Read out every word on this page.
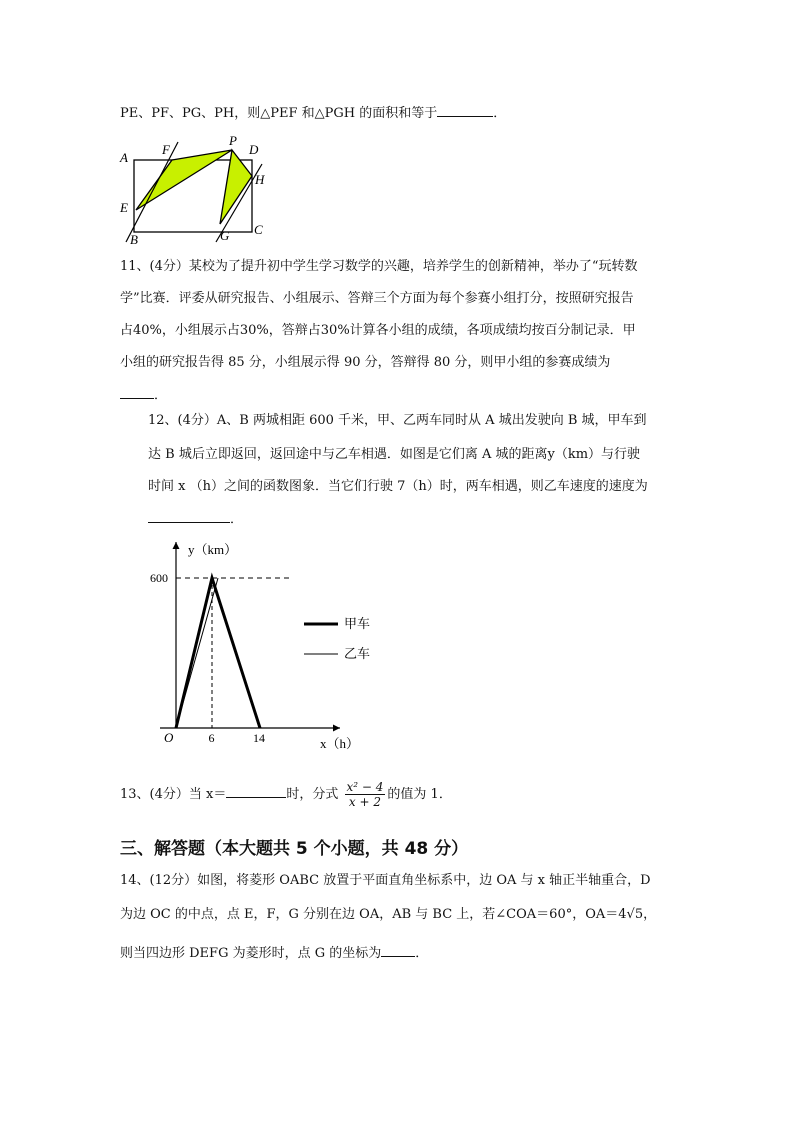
PE、PF、PG、PH，则△PEF 和△PGH 的面积和等于	．
A
F
P
D
H
E
B	G C
11、(4分）某校为了提升初中学生学习数学的兴趣，培养学生的创新精神，举办了“玩转数
学”比赛．评委从研究报告、小组展示、答辩三个方面为每个参赛小组打分，按照研究报告
占40%，小组展示占30%，答辩占30%计算各小组的成绩，各项成绩均按百分制记录．甲
小组的研究报告得 85 分，小组展示得 90 分，答辩得 80 分，则甲小组的参赛成绩为
．
12、(4分）A、B 两城相距 600 千米，甲、乙两车同时从 A 城出发驶向 B 城，甲车到
达 B 城后立即返回，返回途中与乙车相遇．如图是它们离 A 城的距离y（km）与行驶
时间 x （h）之间的函数图象．当它们行驶 7（h）时，两车相遇，则乙车速度的速度为
．
y（km）
x（h）
O	6	14
600
甲车
乙车
13、(4分）当 x＝	时，分式 $\frac{\text{x² − 4}}{x + 2}$ 的值为 1．
三、解答题（本大题共 5 个小题，共 48 分）
14、(12分）如图，将菱形 OABC 放置于平面直角坐标系中，边 OA 与 x 轴正半轴重合，D
为边 OC 的中点，点 E，F，G 分别在边 OA，AB 与 BC 上，若∠COA＝60°，OA＝4√5，
则当四边形 DEFG 为菱形时，点 G 的坐标为	．
